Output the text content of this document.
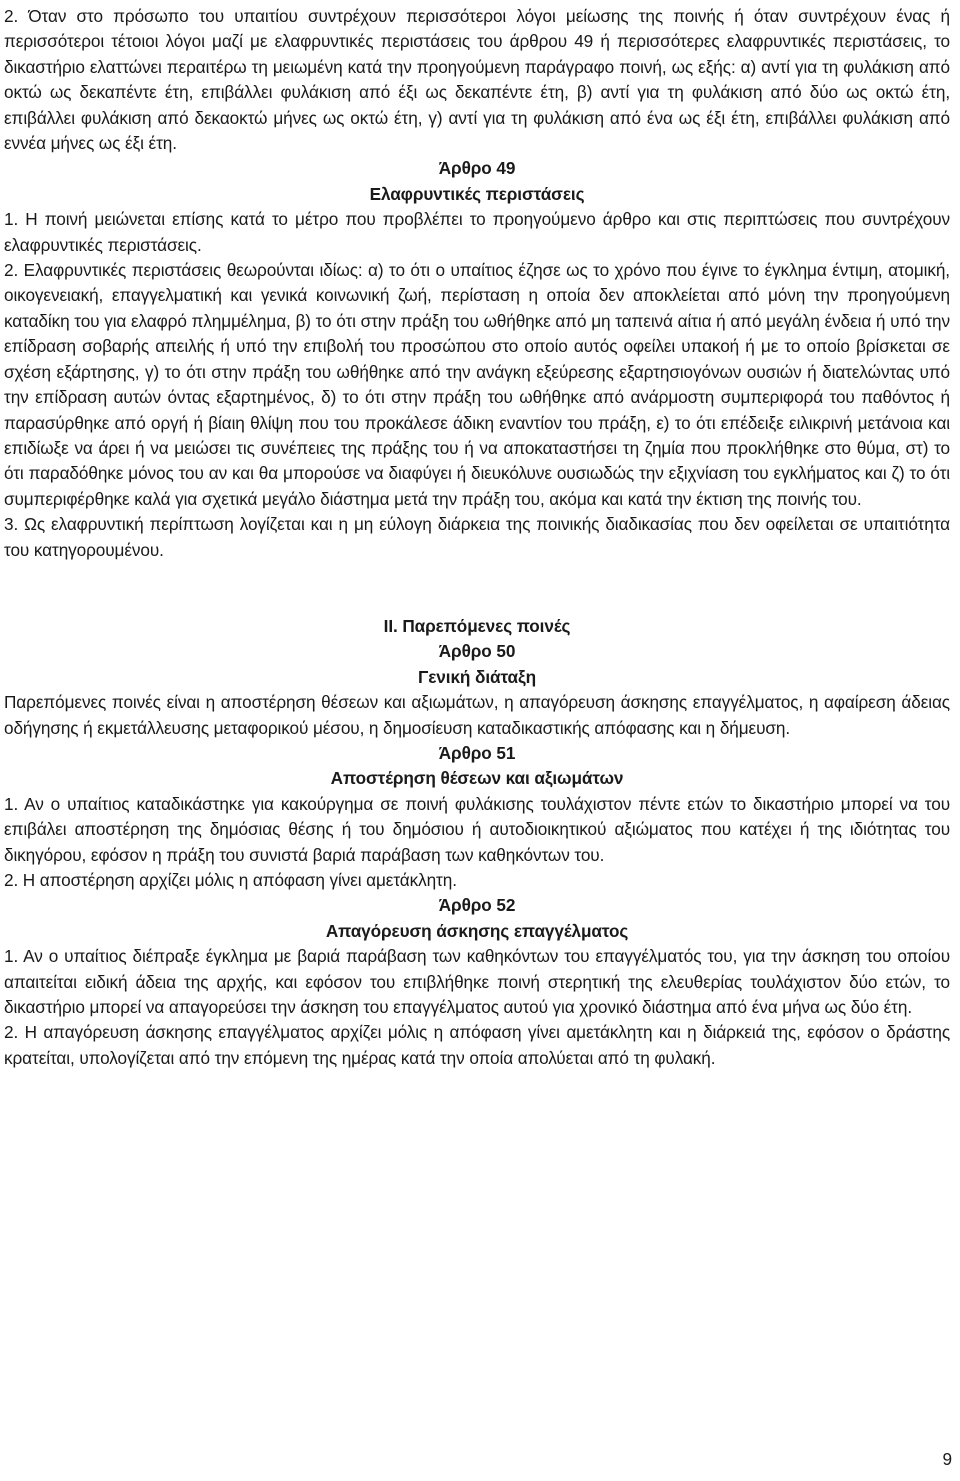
2. Όταν στο πρόσωπο του υπαιτίου συντρέχουν περισσότεροι λόγοι μείωσης της ποινής ή όταν συντρέχουν ένας ή περισσότεροι τέτοιοι λόγοι μαζί με ελαφρυντικές περιστάσεις του άρθρου 49 ή περισσότερες ελαφρυντικές περιστάσεις, το δικαστήριο ελαττώνει περαιτέρω τη μειωμένη κατά την προηγούμενη παράγραφο ποινή, ως εξής: α) αντί για τη φυλάκιση από οκτώ ως δεκαπέντε έτη, επιβάλλει φυλάκιση από έξι ως δεκαπέντε έτη, β) αντί για τη φυλάκιση από δύο ως οκτώ έτη, επιβάλλει φυλάκιση από δεκαοκτώ μήνες ως οκτώ έτη, γ) αντί για τη φυλάκιση από ένα ως έξι έτη, επιβάλλει φυλάκιση από εννέα μήνες ως έξι έτη.

Άρθρο 49

Ελαφρυντικές περιστάσεις

1. Η ποινή μειώνεται επίσης κατά το μέτρο που προβλέπει το προηγούμενο άρθρο και στις περιπτώσεις που συντρέχουν ελαφρυντικές περιστάσεις.

2. Ελαφρυντικές περιστάσεις θεωρούνται ιδίως: α) το ότι ο υπαίτιος έζησε ως το χρόνο που έγινε το έγκλημα έντιμη, ατομική, οικογενειακή, επαγγελματική και γενικά κοινωνική ζωή, περίσταση η οποία δεν αποκλείεται από μόνη την προηγούμενη καταδίκη του για ελαφρό πλημμέλημα, β) το ότι στην πράξη του ωθήθηκε από μη ταπεινά αίτια ή από μεγάλη ένδεια ή υπό την επίδραση σοβαρής απειλής ή υπό την επιβολή του προσώπου στο οποίο αυτός οφείλει υπακοή ή με το οποίο βρίσκεται σε σχέση εξάρτησης, γ) το ότι στην πράξη του ωθήθηκε από την ανάγκη εξεύρεσης εξαρτησιογόνων ουσιών ή διατελώντας υπό την επίδραση αυτών όντας εξαρτημένος, δ) το ότι στην πράξη του ωθήθηκε από ανάρμοστη συμπεριφορά του παθόντος ή παρασύρθηκε από οργή ή βίαιη θλίψη που του προκάλεσε άδικη εναντίον του πράξη, ε) το ότι επέδειξε ειλικρινή μετάνοια και επιδίωξε να άρει ή να μειώσει τις συνέπειες της πράξης του ή να αποκαταστήσει τη ζημία που προκλήθηκε στο θύμα, στ) το ότι παραδόθηκε μόνος του αν και θα μπορούσε να διαφύγει ή διευκόλυνε ουσιωδώς την εξιχνίαση του εγκλήματος και ζ) το ότι συμπεριφέρθηκε καλά για σχετικά μεγάλο διάστημα μετά την πράξη του, ακόμα και κατά την έκτιση της ποινής του.

3. Ως ελαφρυντική περίπτωση λογίζεται και η μη εύλογη διάρκεια της ποινικής διαδικασίας που δεν οφείλεται σε υπαιτιότητα του κατηγορουμένου.

ΙΙ. Παρεπόμενες ποινές

Άρθρο 50

Γενική διάταξη

Παρεπόμενες ποινές είναι η αποστέρηση θέσεων και αξιωμάτων, η απαγόρευση άσκησης επαγγέλματος, η αφαίρεση άδειας οδήγησης ή εκμετάλλευσης μεταφορικού μέσου, η δημοσίευση καταδικαστικής απόφασης και η δήμευση.

Άρθρο 51

Αποστέρηση θέσεων και αξιωμάτων

1. Αν ο υπαίτιος καταδικάστηκε για κακούργημα σε ποινή φυλάκισης τουλάχιστον πέντε ετών το δικαστήριο μπορεί να του επιβάλει αποστέρηση της δημόσιας θέσης ή του δημόσιου ή αυτοδιοικητικού αξιώματος που κατέχει ή της ιδιότητας του δικηγόρου, εφόσον η πράξη του συνιστά βαριά παράβαση των καθηκόντων του.

2. Η αποστέρηση αρχίζει μόλις η απόφαση γίνει αμετάκλητη.

Άρθρο 52

Απαγόρευση άσκησης επαγγέλματος

1. Αν ο υπαίτιος διέπραξε έγκλημα με βαριά παράβαση των καθηκόντων του επαγγέλματός του, για την άσκηση του οποίου απαιτείται ειδική άδεια της αρχής, και εφόσον του επιβλήθηκε ποινή στερητική της ελευθερίας τουλάχιστον δύο ετών, το δικαστήριο μπορεί να απαγορεύσει την άσκηση του επαγγέλματος αυτού για χρονικό διάστημα από ένα μήνα ως δύο έτη.

2. Η απαγόρευση άσκησης επαγγέλματος αρχίζει μόλις η απόφαση γίνει αμετάκλητη και η διάρκειά της, εφόσον ο δράστης κρατείται, υπολογίζεται από την επόμενη της ημέρας κατά την οποία απολύεται από τη φυλακή.

9
